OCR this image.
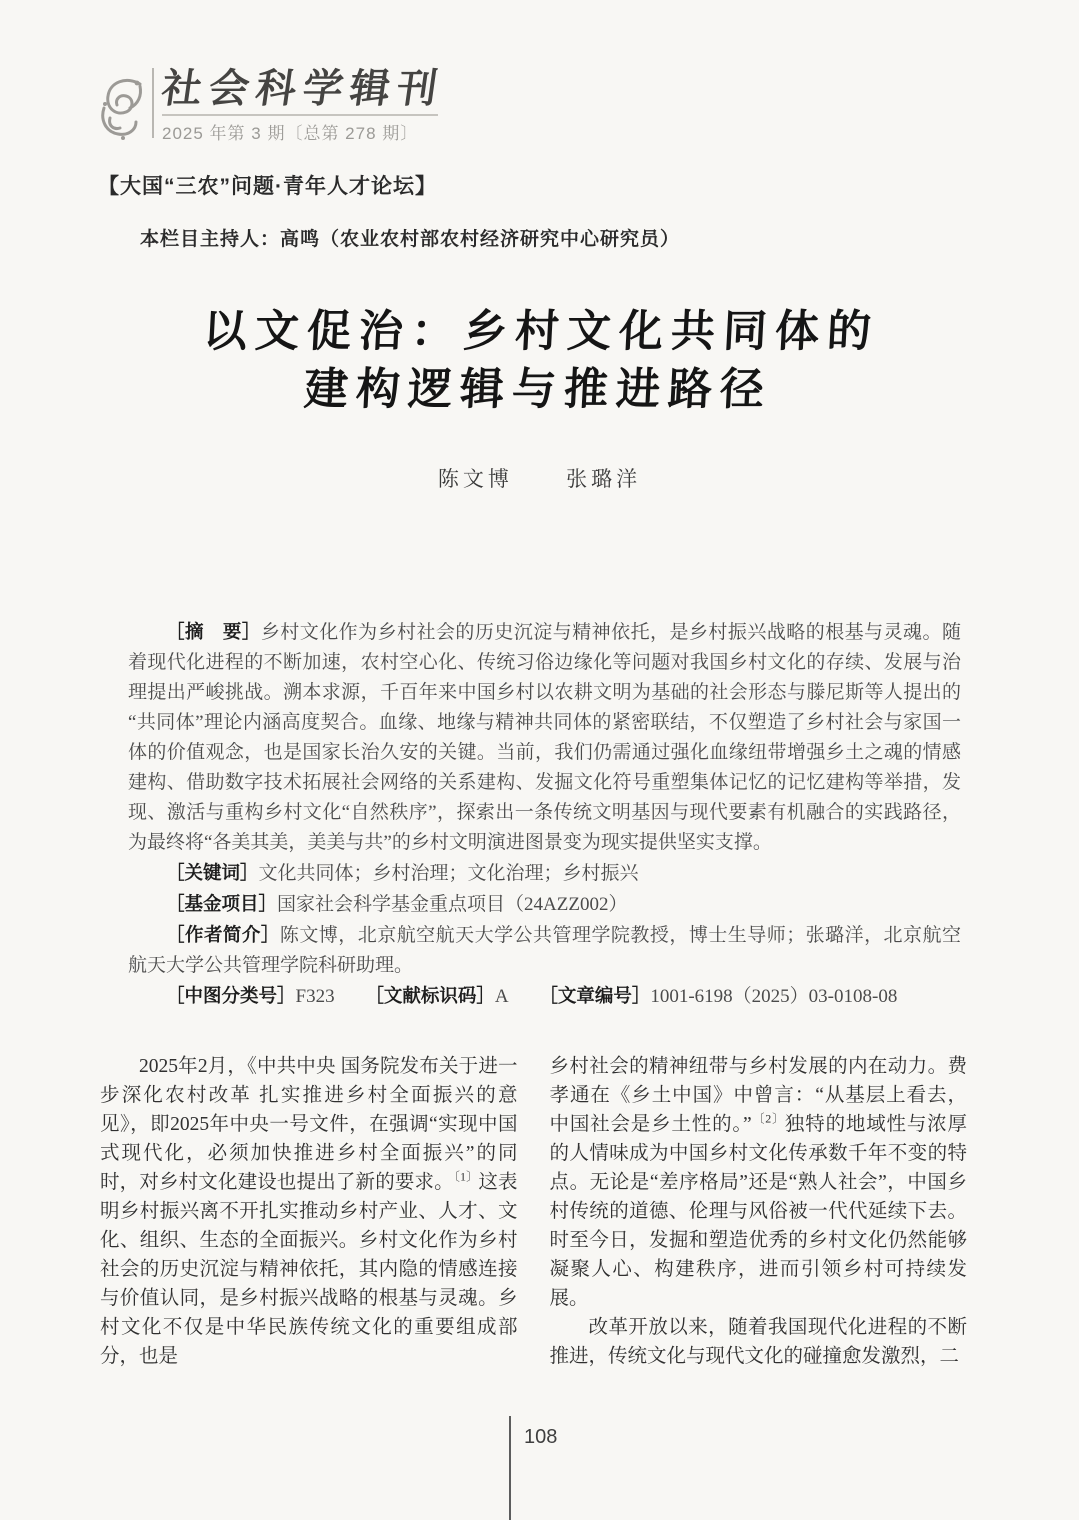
社会科学辑刊
2025 年第 3 期〔总第 278 期〕
【大国“三农”问题·青年人才论坛】
本栏目主持人：高鸣（农业农村部农村经济研究中心研究员）
以文促治：乡村文化共同体的
建构逻辑与推进路径
陈文博	张璐洋

［摘　要］乡村文化作为乡村社会的历史沉淀与精神依托，是乡村振兴战略的根基与灵魂。随着现代化进程的不断加速，农村空心化、传统习俗边缘化等问题对我国乡村文化的存续、发展与治理提出严峻挑战。溯本求源，千百年来中国乡村以农耕文明为基础的社会形态与滕尼斯等人提出的“共同体”理论内涵高度契合。血缘、地缘与精神共同体的紧密联结，不仅塑造了乡村社会与家国一体的价值观念，也是国家长治久安的关键。当前，我们仍需通过强化血缘纽带增强乡土之魂的情感建构、借助数字技术拓展社会网络的关系建构、发掘文化符号重塑集体记忆的记忆建构等举措，发现、激活与重构乡村文化“自然秩序”，探索出一条传统文明基因与现代要素有机融合的实践路径，为最终将“各美其美，美美与共”的乡村文明演进图景变为现实提供坚实支撑。

［关键词］文化共同体；乡村治理；文化治理；乡村振兴

［基金项目］国家社会科学基金重点项目（24AZZ002）

［作者简介］陈文博，北京航空航天大学公共管理学院教授，博士生导师；张璐洋，北京航空航天大学公共管理学院科研助理。

［中图分类号］F323 ［文献标识码］A ［文章编号］1001-6198（2025）03-0108-08

2025年2月，《中共中央 国务院发布关于进一步深化农村改革 扎实推进乡村全面振兴的意见》，即2025年中央一号文件，在强调“实现中国式现代化，必须加快推进乡村全面振兴”的同时，对乡村文化建设也提出了新的要求。$^{〔1〕}$这表明乡村振兴离不开扎实推动乡村产业、人才、文化、组织、生态的全面振兴。乡村文化作为乡村社会的历史沉淀与精神依托，其内隐的情感连接与价值认同，是乡村振兴战略的根基与灵魂。乡村文化不仅是中华民族传统文化的重要组成部分，也是

乡村社会的精神纽带与乡村发展的内在动力。费孝通在《乡土中国》中曾言：“从基层上看去，中国社会是乡土性的。”$^{〔2〕}$独特的地域性与浓厚的人情味成为中国乡村文化传承数千年不变的特点。无论是“差序格局”还是“熟人社会”，中国乡村传统的道德、伦理与风俗被一代代延续下去。时至今日，发掘和塑造优秀的乡村文化仍然能够凝聚人心、构建秩序，进而引领乡村可持续发展。

改革开放以来，随着我国现代化进程的不断推进，传统文化与现代文化的碰撞愈发激烈，二

108
